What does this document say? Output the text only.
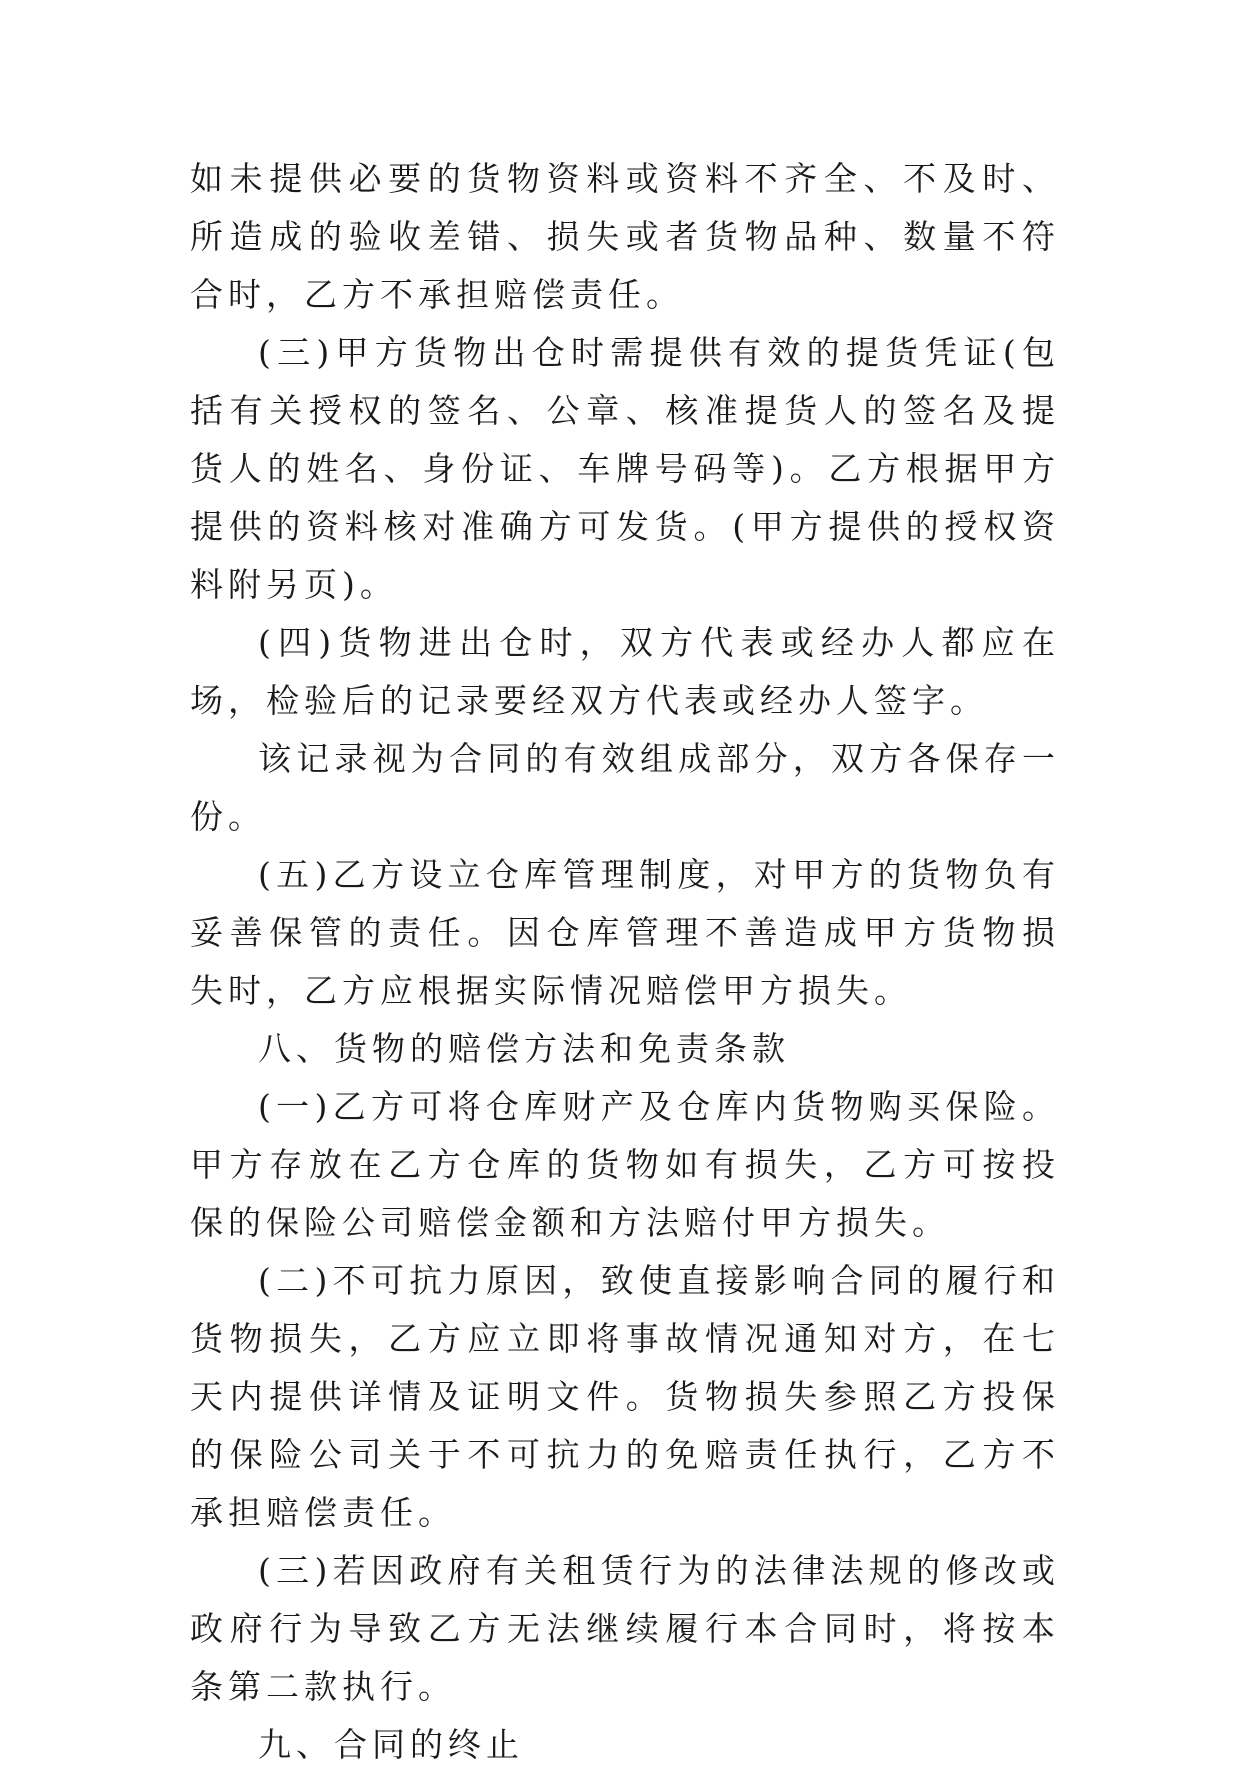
如未提供必要的货物资料或资料不齐全、不及时、所造成的验收差错、损失或者货物品种、数量不符合时，乙方不承担赔偿责任。

(三)甲方货物出仓时需提供有效的提货凭证(包括有关授权的签名、公章、核准提货人的签名及提货人的姓名、身份证、车牌号码等)。乙方根据甲方提供的资料核对准确方可发货。(甲方提供的授权资料附另页)。

(四)货物进出仓时，双方代表或经办人都应在场，检验后的记录要经双方代表或经办人签字。

该记录视为合同的有效组成部分，双方各保存一份。

(五)乙方设立仓库管理制度，对甲方的货物负有妥善保管的责任。因仓库管理不善造成甲方货物损失时，乙方应根据实际情况赔偿甲方损失。

八、货物的赔偿方法和免责条款

(一)乙方可将仓库财产及仓库内货物购买保险。甲方存放在乙方仓库的货物如有损失，乙方可按投保的保险公司赔偿金额和方法赔付甲方损失。

(二)不可抗力原因，致使直接影响合同的履行和货物损失，乙方应立即将事故情况通知对方，在七天内提供详情及证明文件。货物损失参照乙方投保的保险公司关于不可抗力的免赔责任执行，乙方不承担赔偿责任。

(三)若因政府有关租赁行为的法律法规的修改或政府行为导致乙方无法继续履行本合同时，将按本条第二款执行。

九、合同的终止
